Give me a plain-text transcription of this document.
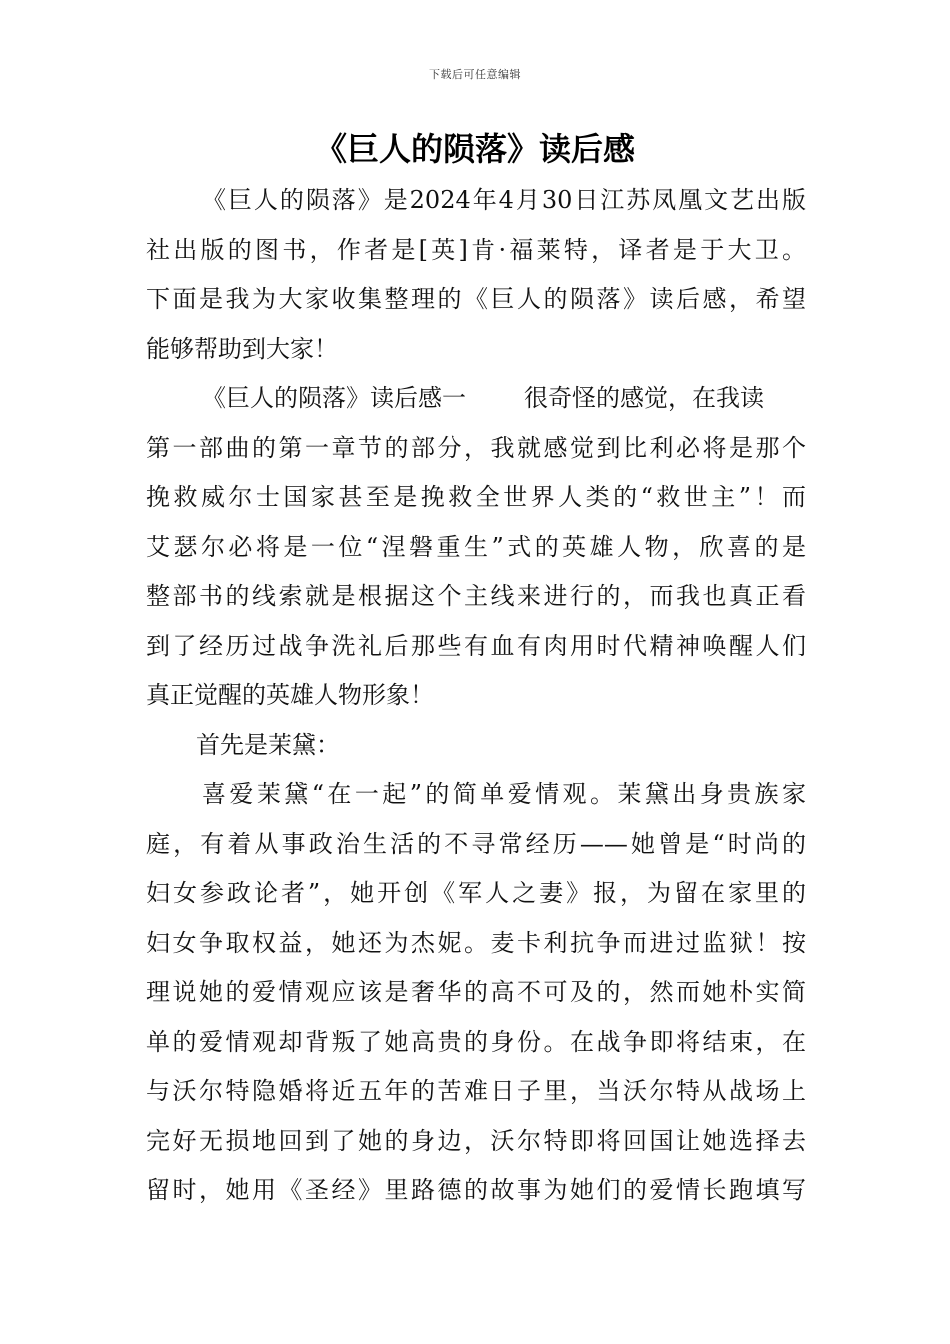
下载后可任意编辑
《巨人的陨落》读后感
《巨人的陨落》是2024年4月30日江苏凤凰文艺出版
社出版的图书，作者是[英]肯·福莱特，译者是于大卫。
下面是我为大家收集整理的《巨人的陨落》读后感，希望
能够帮助到大家！
《巨人的陨落》读后感一 很奇怪的感觉，在我读
第一部曲的第一章节的部分，我就感觉到比利必将是那个
挽救威尔士国家甚至是挽救全世界人类的“救世主”！而
艾瑟尔必将是一位“涅磐重生”式的英雄人物，欣喜的是
整部书的线索就是根据这个主线来进行的，而我也真正看
到了经历过战争洗礼后那些有血有肉用时代精神唤醒人们
真正觉醒的英雄人物形象！
首先是茉黛：
喜爱茉黛“在一起”的简单爱情观。茉黛出身贵族家
庭，有着从事政治生活的不寻常经历——她曾是“时尚的
妇女参政论者”，她开创《军人之妻》报，为留在家里的
妇女争取权益，她还为杰妮。麦卡利抗争而进过监狱！按
理说她的爱情观应该是奢华的高不可及的，然而她朴实简
单的爱情观却背叛了她高贵的身份。在战争即将结束，在
与沃尔特隐婚将近五年的苦难日子里，当沃尔特从战场上
完好无损地回到了她的身边，沃尔特即将回国让她选择去
留时，她用《圣经》里路德的故事为她们的爱情长跑填写
